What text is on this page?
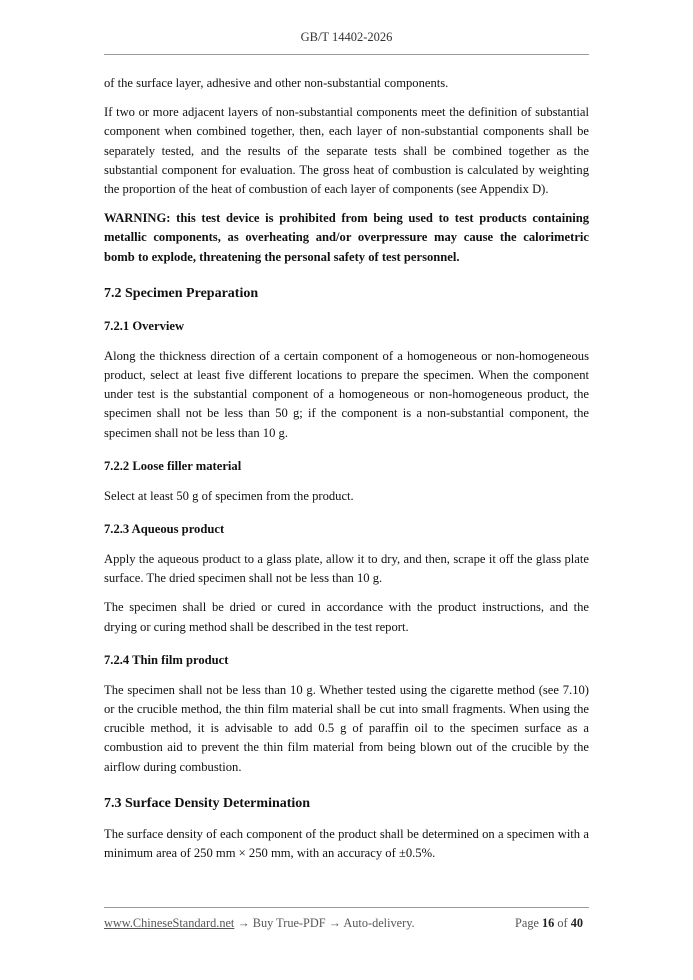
GB/T 14402-2026

of the surface layer, adhesive and other non-substantial components.

If two or more adjacent layers of non-substantial components meet the definition of substantial component when combined together, then, each layer of non-substantial components shall be separately tested, and the results of the separate tests shall be combined together as the substantial component for evaluation. The gross heat of combustion is calculated by weighting the proportion of the heat of combustion of each layer of components (see Appendix D).

WARNING: this test device is prohibited from being used to test products containing metallic components, as overheating and/or overpressure may cause the calorimetric bomb to explode, threatening the personal safety of test personnel.

7.2 Specimen Preparation
7.2.1 Overview

Along the thickness direction of a certain component of a homogeneous or non-homogeneous product, select at least five different locations to prepare the specimen. When the component under test is the substantial component of a homogeneous or non-homogeneous product, the specimen shall not be less than 50 g; if the component is a non-substantial component, the specimen shall not be less than 10 g.

7.2.2 Loose filler material

Select at least 50 g of specimen from the product.

7.2.3 Aqueous product

Apply the aqueous product to a glass plate, allow it to dry, and then, scrape it off the glass plate surface. The dried specimen shall not be less than 10 g.

The specimen shall be dried or cured in accordance with the product instructions, and the drying or curing method shall be described in the test report.

7.2.4 Thin film product

The specimen shall not be less than 10 g. Whether tested using the cigarette method (see 7.10) or the crucible method, the thin film material shall be cut into small fragments. When using the crucible method, it is advisable to add 0.5 g of paraffin oil to the specimen surface as a combustion aid to prevent the thin film material from being blown out of the crucible by the airflow during combustion.

7.3 Surface Density Determination

The surface density of each component of the product shall be determined on a specimen with a minimum area of 250 mm × 250 mm, with an accuracy of ±0.5%.

www.ChineseStandard.net → Buy True-PDF → Auto-delivery.	Page 16 of 40
